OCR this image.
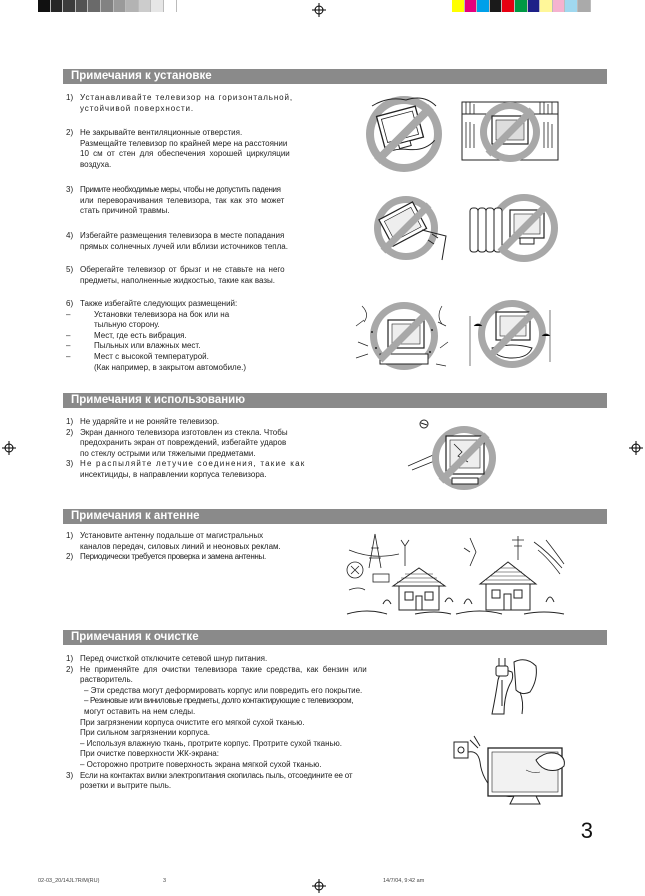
Примечания к установке
1) Устанавливайте телевизор на горизонтальной,

устойчивой поверхности.

2) Не закрывайте вентиляционные отверстия.

Размещайте телевизор по крайней мере на расстоянии

10 см от стен для обеспечения хорошей циркуляции

воздуха.

3) Примите необходимые меры, чтобы не допустить падения

или переворачивания телевизора, так как это может

стать причиной травмы.

4) Избегайте размещения телевизора в месте попадания

прямых солнечных лучей или вблизи источников тепла.

5) Оберегайте телевизор от брызг и не ставьте на него

предметы, наполненные жидкостью, такие как вазы.

6) Также избегайте следующих размещений:

–	Установки телевизора на бок или на

тыльную сторону.

–	Мест, где есть вибрация.

–	Пыльных или влажных мест.

–	Мест с высокой температурой.

(Как например, в закрытом автомобиле.)

Примечания к использованию
1) Не ударяйте и не роняйте телевизор.

2) Экран данного телевизора изготовлен из стекла. Чтобы

предохранить экран от повреждений, избегайте ударов

по стеклу острыми или тяжелыми предметами.

3) Не распыляйте летучие соединения, такие как

инсектициды, в направлении корпуса телевизора.

Примечания к антенне
1) Установите антенну подальше от магистральных

каналов передач, силовых линий и неоновых реклам.

2) Периодически требуется проверка и замена антенны.

Примечания к очистке
1) Перед очисткой отключите сетевой шнур питания.

2) Не применяйте для очистки телевизора такие средства, как бензин или

растворитель.

– Эти средства могут деформировать корпус или повредить его покрытие.

– Резиновые или виниловые предметы, долго контактирующие с телевизором,

могут оставить на нем следы.

При загрязнении корпуса очистите его мягкой сухой тканью.

При сильном загрязнении корпуса.

– Используя влажную ткань, протрите корпус. Протрите сухой тканью.

При очистке поверхности ЖК-экрана:

– Осторожно протрите поверхность экрана мягкой сухой тканью.

3) Если на контактах вилки электропитания скопилась пыль, отсоедините ее от

розетки и вытрите пыль.

3
02-03_20/14JL7R/M(RU)	3	14/7/04, 9:42 am
